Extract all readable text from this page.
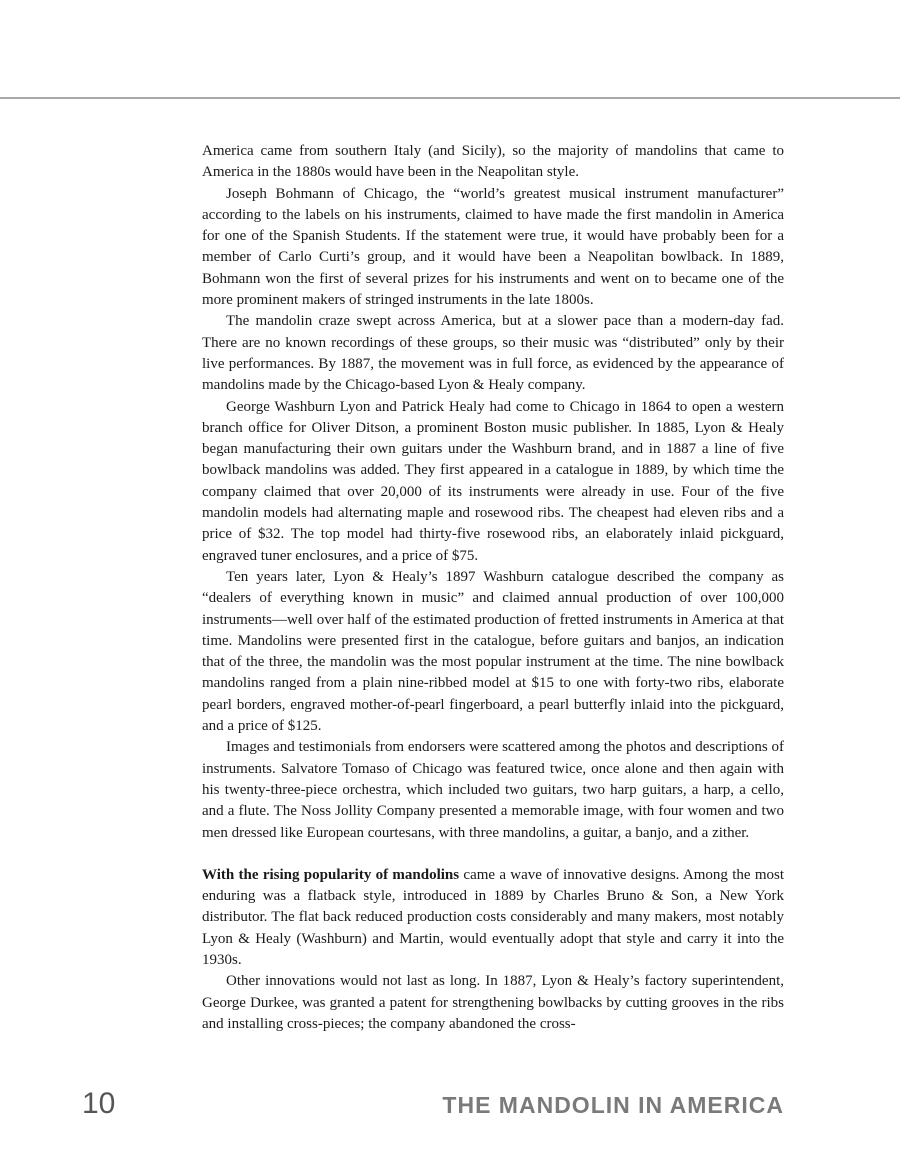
America came from southern Italy (and Sicily), so the majority of mandolins that came to America in the 1880s would have been in the Neapolitan style.

Joseph Bohmann of Chicago, the “world’s greatest musical instrument manufacturer” according to the labels on his instruments, claimed to have made the first mandolin in America for one of the Spanish Students. If the statement were true, it would have probably been for a member of Carlo Curti’s group, and it would have been a Neapolitan bowlback. In 1889, Bohmann won the first of several prizes for his instruments and went on to became one of the more prominent makers of stringed instruments in the late 1800s.

The mandolin craze swept across America, but at a slower pace than a modern-day fad. There are no known recordings of these groups, so their music was “distributed” only by their live performances. By 1887, the movement was in full force, as evidenced by the appearance of mandolins made by the Chicago-based Lyon & Healy company.

George Washburn Lyon and Patrick Healy had come to Chicago in 1864 to open a western branch office for Oliver Ditson, a prominent Boston music publisher. In 1885, Lyon & Healy began manufacturing their own guitars under the Washburn brand, and in 1887 a line of five bowlback mandolins was added. They first appeared in a catalogue in 1889, by which time the company claimed that over 20,000 of its instruments were already in use. Four of the five mandolin models had alternating maple and rosewood ribs. The cheapest had eleven ribs and a price of $32. The top model had thirty-five rosewood ribs, an elaborately inlaid pickguard, engraved tuner enclosures, and a price of $75.

Ten years later, Lyon & Healy’s 1897 Washburn catalogue described the company as “dealers of everything known in music” and claimed annual production of over 100,000 instruments—well over half of the estimated production of fretted instruments in America at that time. Mandolins were presented first in the catalogue, before guitars and banjos, an indication that of the three, the mandolin was the most popular instrument at the time. The nine bowlback mandolins ranged from a plain nine-ribbed model at $15 to one with forty-two ribs, elaborate pearl borders, engraved mother-of-pearl fingerboard, a pearl butterfly inlaid into the pickguard, and a price of $125.

Images and testimonials from endorsers were scattered among the photos and descriptions of instruments. Salvatore Tomaso of Chicago was featured twice, once alone and then again with his twenty-three-piece orchestra, which included two guitars, two harp guitars, a harp, a cello, and a flute. The Noss Jollity Company presented a memorable image, with four women and two men dressed like European courtesans, with three mandolins, a guitar, a banjo, and a zither.

With the rising popularity of mandolins came a wave of innovative designs. Among the most enduring was a flatback style, introduced in 1889 by Charles Bruno & Son, a New York distributor. The flat back reduced production costs considerably and many makers, most notably Lyon & Healy (Washburn) and Martin, would eventually adopt that style and carry it into the 1930s.

Other innovations would not last as long. In 1887, Lyon & Healy’s factory superintendent, George Durkee, was granted a patent for strengthening bowlbacks by cutting grooves in the ribs and installing cross-pieces; the company abandoned the cross-

10	THE MANDOLIN IN AMERICA
